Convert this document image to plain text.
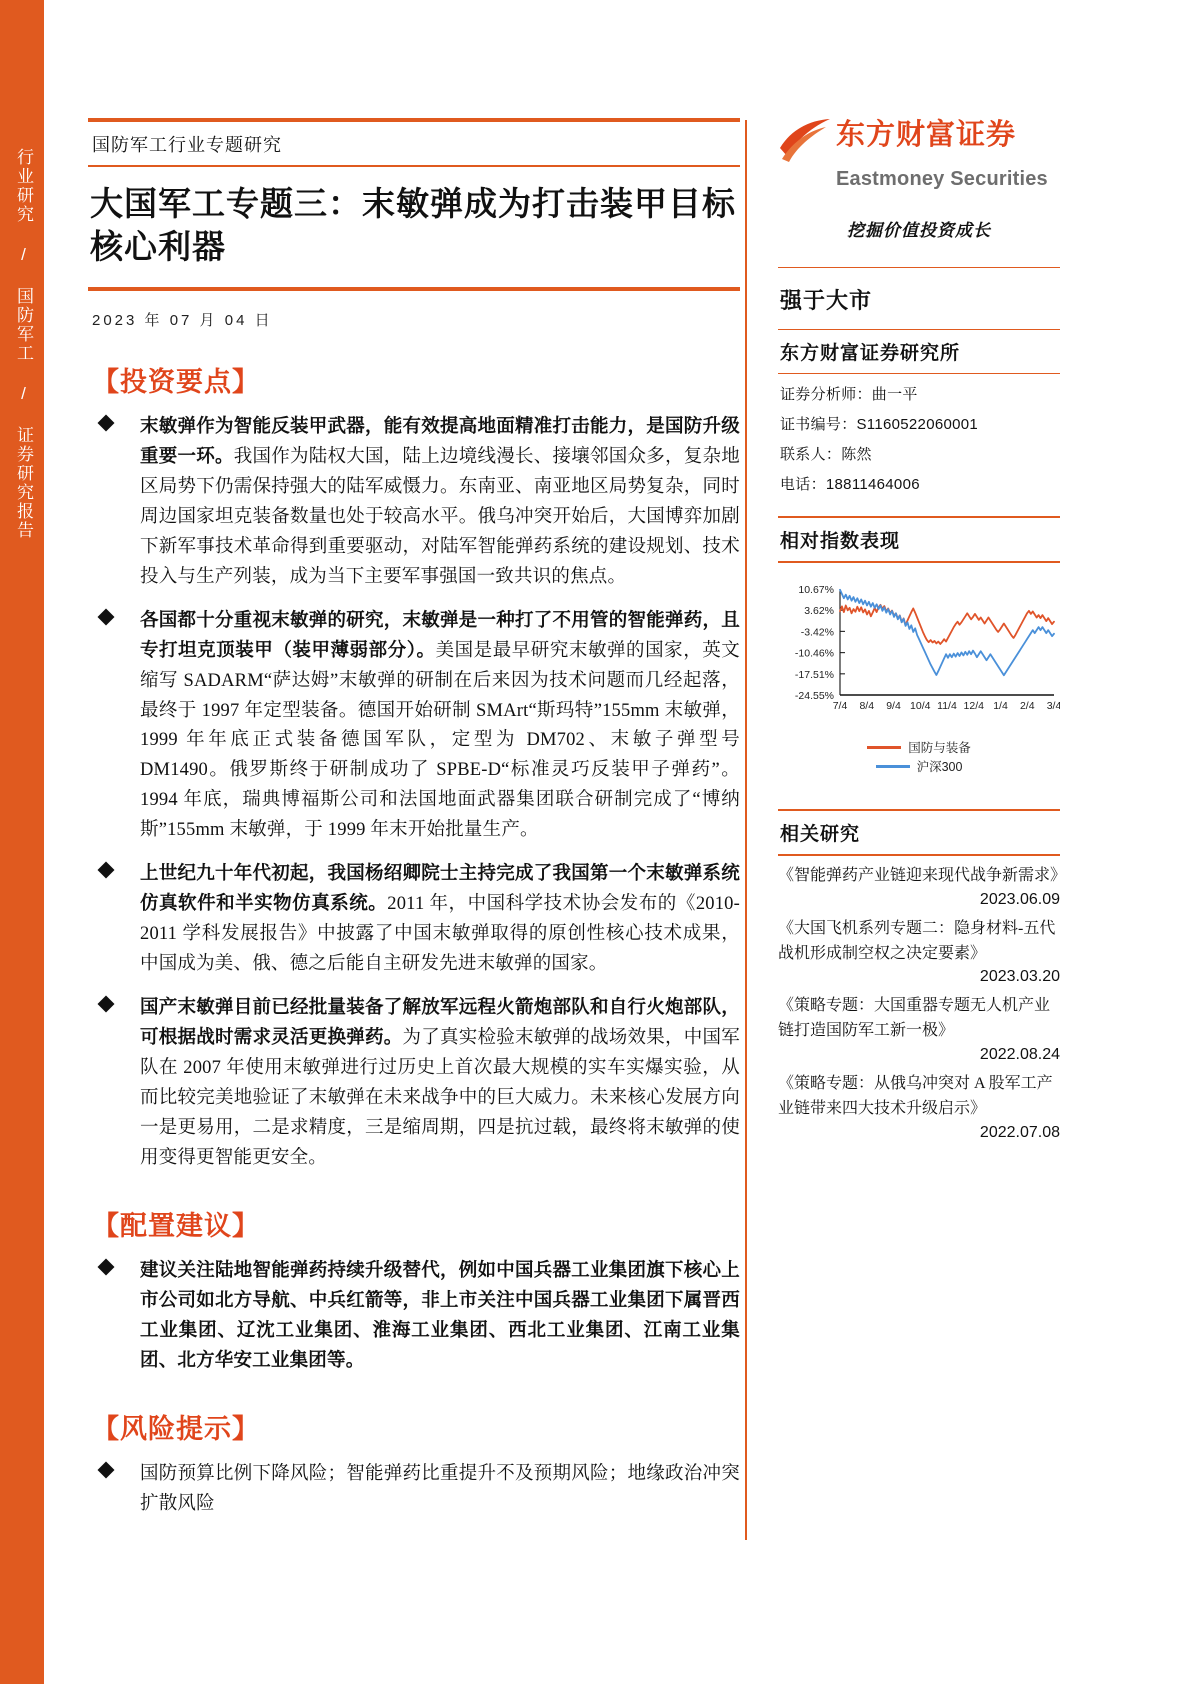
行业研究 / 国防军工 / 证券研究报告
国防军工行业专题研究
大国军工专题三：末敏弹成为打击装甲目标核心利器
2023 年 07 月 04 日
【投资要点】
末敏弹作为智能反装甲武器，能有效提高地面精准打击能力，是国防升级重要一环。我国作为陆权大国，陆上边境线漫长、接壤邻国众多，复杂地区局势下仍需保持强大的陆军威慑力。东南亚、南亚地区局势复杂，同时周边国家坦克装备数量也处于较高水平。俄乌冲突开始后，大国博弈加剧下新军事技术革命得到重要驱动，对陆军智能弹药系统的建设规划、技术投入与生产列装，成为当下主要军事强国一致共识的焦点。
各国都十分重视末敏弹的研究，末敏弹是一种打了不用管的智能弹药，且专打坦克顶装甲（装甲薄弱部分）。美国是最早研究末敏弹的国家，英文缩写 SADARM“萨达姆”末敏弹的研制在后来因为技术问题而几经起落，最终于 1997 年定型装备。德国开始研制 SMArt“斯玛特”155mm 末敏弹，1999 年年底正式装备德国军队，定型为 DM702、末敏子弹型号 DM1490。俄罗斯终于研制成功了 SPBE-D“标准灵巧反装甲子弹药”。1994 年底，瑞典博福斯公司和法国地面武器集团联合研制完成了“博纳斯”155mm 末敏弹，于 1999 年末开始批量生产。
上世纪九十年代初起，我国杨绍卿院士主持完成了我国第一个末敏弹系统仿真软件和半实物仿真系统。2011 年，中国科学技术协会发布的《2010-2011 学科发展报告》中披露了中国末敏弹取得的原创性核心技术成果，中国成为美、俄、德之后能自主研发先进末敏弹的国家。
国产末敏弹目前已经批量装备了解放军远程火箭炮部队和自行火炮部队，可根据战时需求灵活更换弹药。为了真实检验末敏弹的战场效果，中国军队在 2007 年使用末敏弹进行过历史上首次最大规模的实车实爆实验，从而比较完美地验证了末敏弹在未来战争中的巨大威力。未来核心发展方向一是更易用，二是求精度，三是缩周期，四是抗过载，最终将末敏弹的使用变得更智能更安全。
【配置建议】
建议关注陆地智能弹药持续升级替代，例如中国兵器工业集团旗下核心上市公司如北方导航、中兵红箭等，非上市关注中国兵器工业集团下属晋西工业集团、辽沈工业集团、淮海工业集团、西北工业集团、江南工业集团、北方华安工业集团等。
【风险提示】
国防预算比例下降风险；智能弹药比重提升不及预期风险；地缘政治冲突扩散风险
东方财富证券
Eastmoney Securities
挖掘价值投资成长
强于大市
东方财富证券研究所
证券分析师：曲一平
证书编号：S1160522060001
联系人：陈然
电话：18811464006
相对指数表现
10.67%
3.62%
-3.42%
-10.46%
-17.51%
-24.55%
7/4 8/4 9/4 10/4 11/4 12/4 1/4 2/4 3/4
国防与装备
沪深300
相关研究
《智能弹药产业链迎来现代战争新需求》
2023.06.09
《大国飞机系列专题二：隐身材料-五代战机形成制空权之决定要素》
2023.03.20
《策略专题：大国重器专题无人机产业链打造国防军工新一极》
2022.08.24
《策略专题：从俄乌冲突对 A 股军工产业链带来四大技术升级启示》
2022.07.08
